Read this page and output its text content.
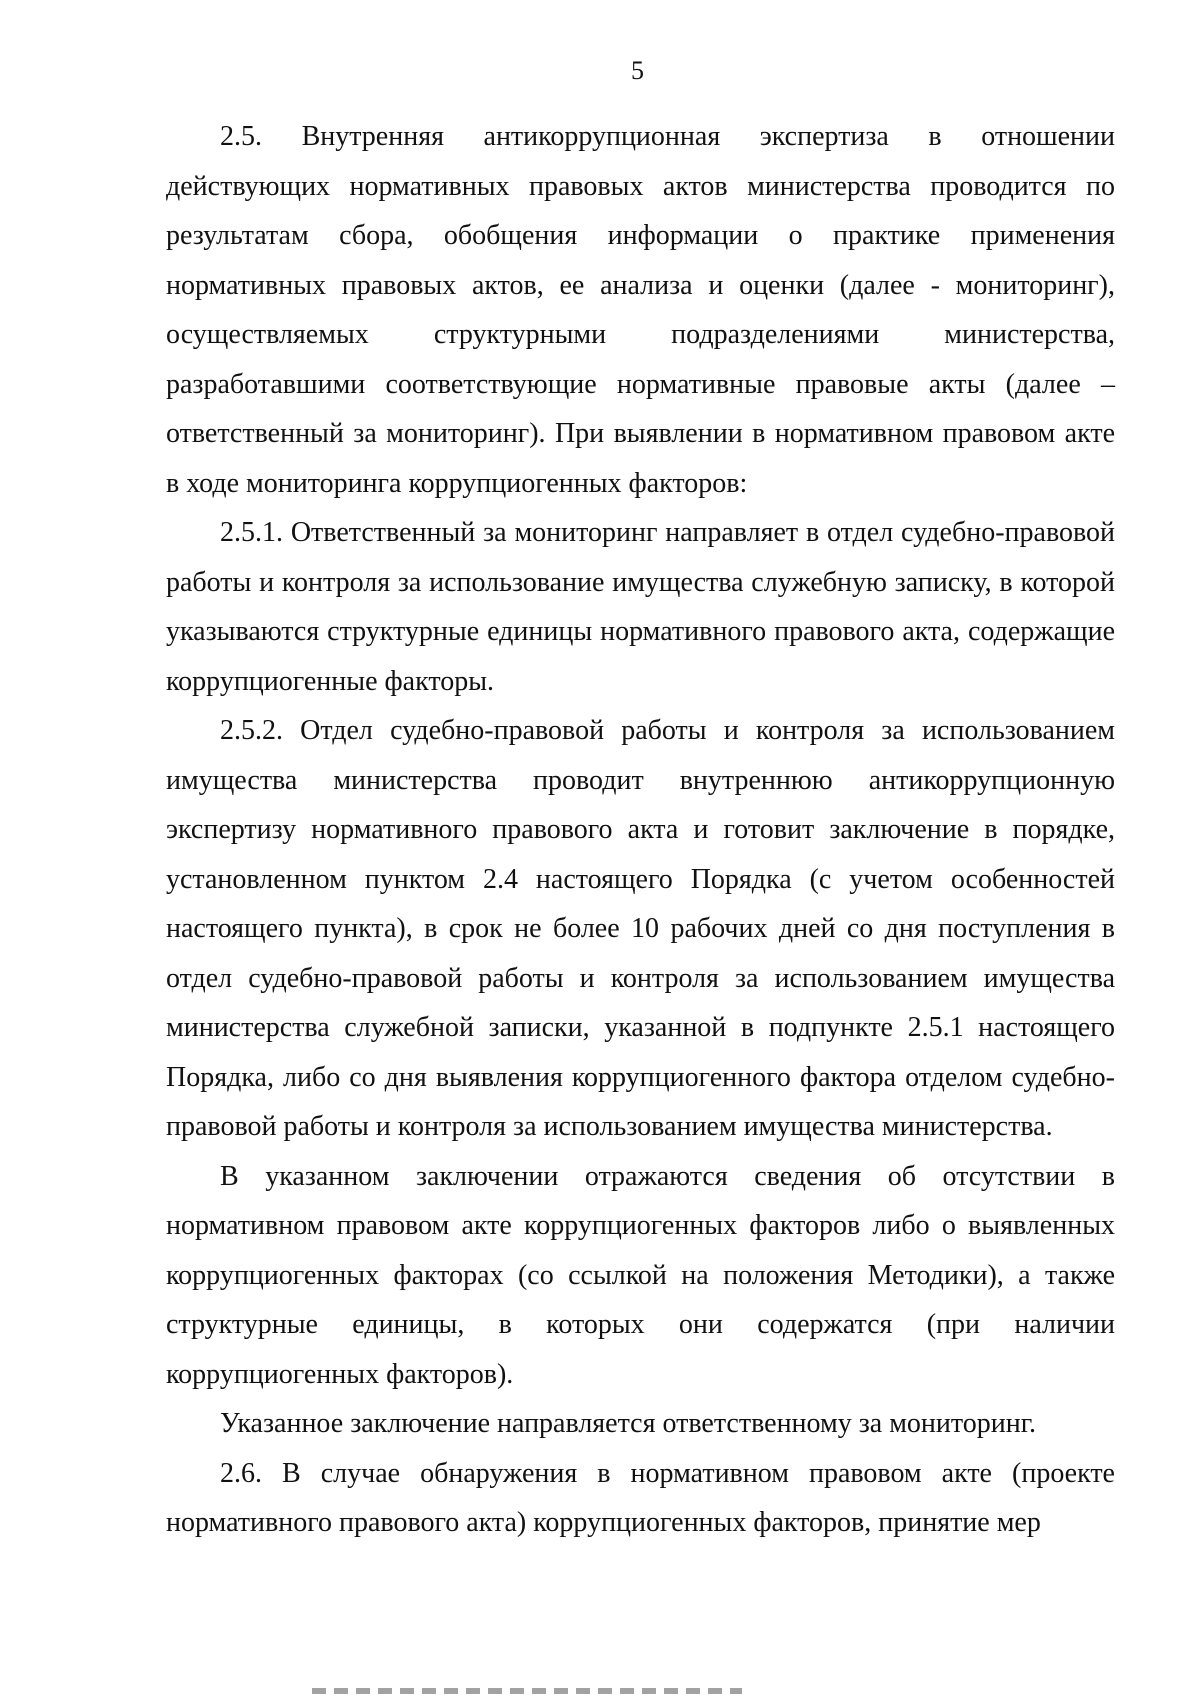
5

2.5. Внутренняя антикоррупционная экспертиза в отношении действующих нормативных правовых актов министерства проводится по результатам сбора, обобщения информации о практике применения нормативных правовых актов, ее анализа и оценки (далее - мониторинг), осуществляемых структурными подразделениями министерства, разработавшими соответствующие нормативные правовые акты (далее – ответственный за мониторинг). При выявлении в нормативном правовом акте в ходе мониторинга коррупциогенных факторов:

2.5.1. Ответственный за мониторинг направляет в отдел судебно-правовой работы и контроля за использование имущества служебную записку, в которой указываются структурные единицы нормативного правового акта, содержащие коррупциогенные факторы.

2.5.2. Отдел судебно-правовой работы и контроля за использованием имущества министерства проводит внутреннюю антикоррупционную экспертизу нормативного правового акта и готовит заключение в порядке, установленном пунктом 2.4 настоящего Порядка (с учетом особенностей настоящего пункта), в срок не более 10 рабочих дней со дня поступления в отдел судебно-правовой работы и контроля за использованием имущества министерства служебной записки, указанной в подпункте 2.5.1 настоящего Порядка, либо со дня выявления коррупциогенного фактора отделом судебно-правовой работы и контроля за использованием имущества министерства.

В указанном заключении отражаются сведения об отсутствии в нормативном правовом акте коррупциогенных факторов либо о выявленных коррупциогенных факторах (со ссылкой на положения Методики), а также структурные единицы, в которых они содержатся (при наличии коррупциогенных факторов).

Указанное заключение направляется ответственному за мониторинг.

2.6. В случае обнаружения в нормативном правовом акте (проекте нормативного правового акта) коррупциогенных факторов, принятие мер
